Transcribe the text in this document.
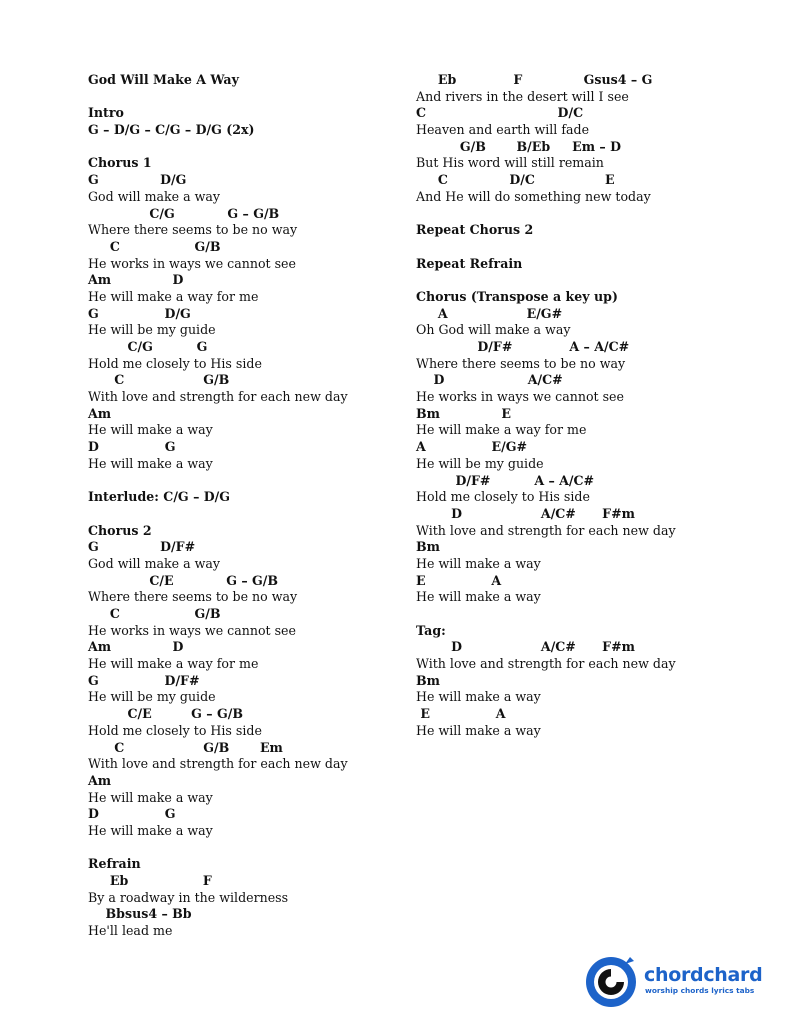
God Will Make A Way
Intro
G – D/G – C/G – D/G (2x)
Chorus 1
G              D/G
God will make a way
C/G            G – G/B
Where there seems to be no way
C                 G/B
He works in ways we cannot see
Am              D
He will make a way for me
G               D/G
He will be my guide
C/G          G
Hold me closely to His side
C                  G/B
With love and strength for each new day
Am
He will make a way
D               G
He will make a way
Interlude: C/G – D/G
Chorus 2
G              D/F#
God will make a way
C/E            G – G/B
Where there seems to be no way
C                 G/B
He works in ways we cannot see
Am              D
He will make a way for me
G               D/F#
He will be my guide
C/E         G – G/B
Hold me closely to His side
C                  G/B       Em
With love and strength for each new day
Am
He will make a way
D               G
He will make a way
Refrain
Eb                 F
By a roadway in the wilderness
Bbsus4 – Bb
He'll lead me
Eb             F              Gsus4 – G
And rivers in the desert will I see
C                              D/C
Heaven and earth will fade
G/B       B/Eb     Em – D
But His word will still remain
C              D/C                E
And He will do something new today
Repeat Chorus 2
Repeat Refrain
Chorus (Transpose a key up)
A                  E/G#
Oh God will make a way
D/F#             A – A/C#
Where there seems to be no way
D                   A/C#
He works in ways we cannot see
Bm              E
He will make a way for me
A               E/G#
He will be my guide
D/F#          A – A/C#
Hold me closely to His side
D                  A/C#      F#m
With love and strength for each new day
Bm
He will make a way
E               A
He will make a way
Tag:
D                  A/C#      F#m
With love and strength for each new day
Bm
He will make a way
E               A
He will make a way
chordchard
worship chords lyrics tabs
